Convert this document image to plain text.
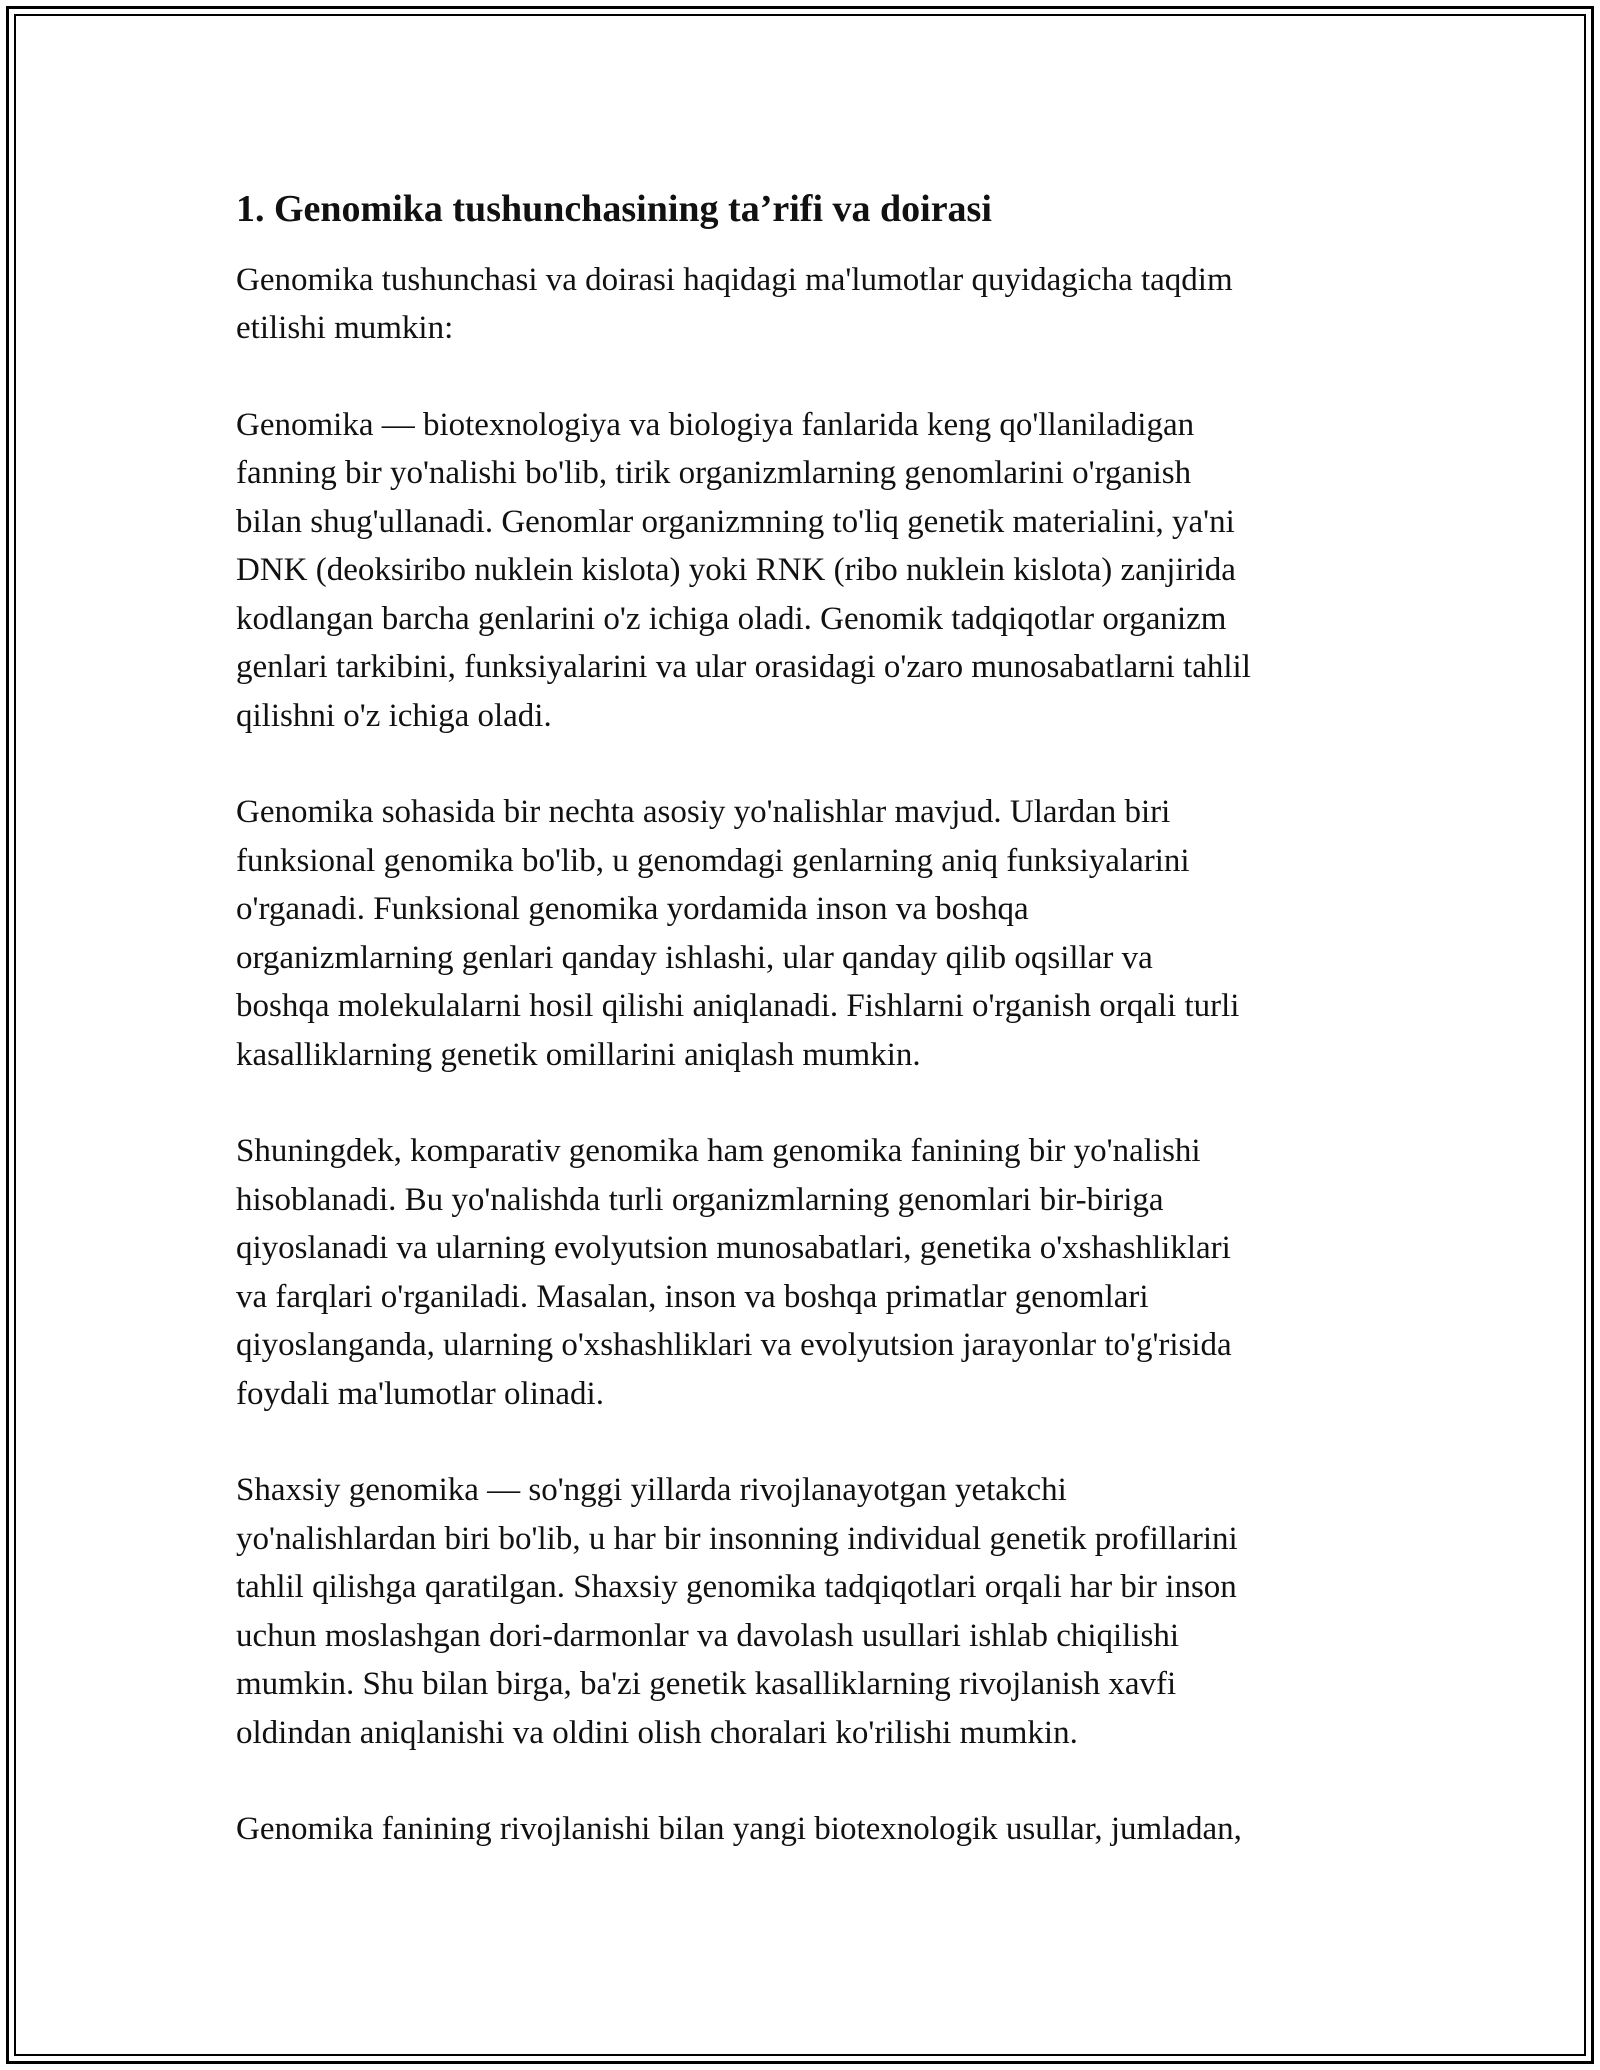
1. Genomika tushunchasining ta’rifi va doirasi

Genomika tushunchasi va doirasi haqidagi ma'lumotlar quyidagicha taqdim
etilishi mumkin:

Genomika — biotexnologiya va biologiya fanlarida keng qo'llaniladigan
fanning bir yo'nalishi bo'lib, tirik organizmlarning genomlarini o'rganish
bilan shug'ullanadi. Genomlar organizmning to'liq genetik materialini, ya'ni
DNK (deoksiribo nuklein kislota) yoki RNK (ribo nuklein kislota) zanjirida
kodlangan barcha genlarini o'z ichiga oladi. Genomik tadqiqotlar organizm
genlari tarkibini, funksiyalarini va ular orasidagi o'zaro munosabatlarni tahlil
qilishni o'z ichiga oladi.

Genomika sohasida bir nechta asosiy yo'nalishlar mavjud. Ulardan biri
funksional genomika bo'lib, u genomdagi genlarning aniq funksiyalarini
o'rganadi. Funksional genomika yordamida inson va boshqa
organizmlarning genlari qanday ishlashi, ular qanday qilib oqsillar va
boshqa molekulalarni hosil qilishi aniqlanadi. Fishlarni o'rganish orqali turli
kasalliklarning genetik omillarini aniqlash mumkin.

Shuningdek, komparativ genomika ham genomika fanining bir yo'nalishi
hisoblanadi. Bu yo'nalishda turli organizmlarning genomlari bir-biriga
qiyoslanadi va ularning evolyutsion munosabatlari, genetika o'xshashliklari
va farqlari o'rganiladi. Masalan, inson va boshqa primatlar genomlari
qiyoslanganda, ularning o'xshashliklari va evolyutsion jarayonlar to'g'risida
foydali ma'lumotlar olinadi.

Shaxsiy genomika — so'nggi yillarda rivojlanayotgan yetakchi
yo'nalishlardan biri bo'lib, u har bir insonning individual genetik profillarini
tahlil qilishga qaratilgan. Shaxsiy genomika tadqiqotlari orqali har bir inson
uchun moslashgan dori-darmonlar va davolash usullari ishlab chiqilishi
mumkin. Shu bilan birga, ba'zi genetik kasalliklarning rivojlanish xavfi
oldindan aniqlanishi va oldini olish choralari ko'rilishi mumkin.

Genomika fanining rivojlanishi bilan yangi biotexnologik usullar, jumladan,
